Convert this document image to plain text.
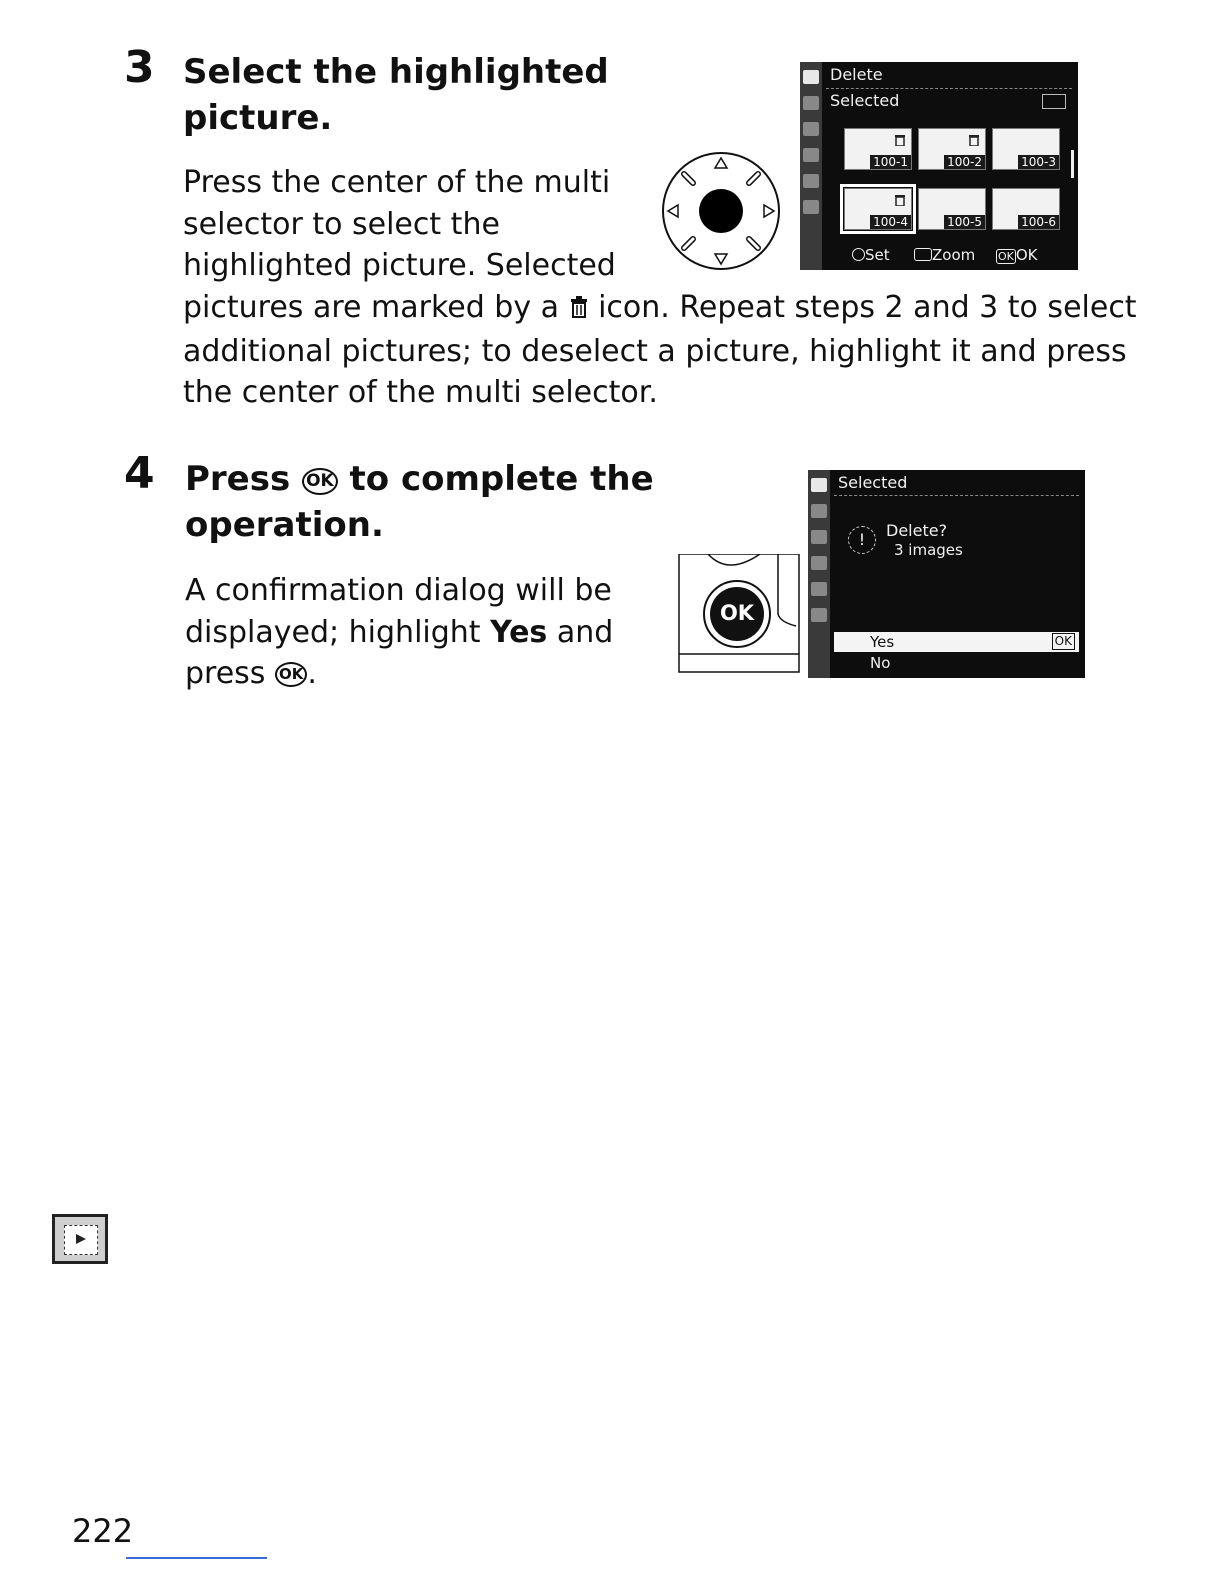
3 Select the highlighted
picture.
Press the center of the multi
selector to select the
highlighted picture. Selected
pictures are marked by a icon. Repeat steps 2 and 3 to select
additional pictures; to deselect a picture, highlight it and press
the center of the multi selector.
Delete
Selected
100-1	100-2	100-3
100-4	100-5	100-6
Set	Zoom OK OK
4 Press OK to complete the
operation.
A confirmation dialog will be
displayed; highlight Yes and
press OK .
OK
Selected
!	Delete?
3 images
Yes	OK
No
222
